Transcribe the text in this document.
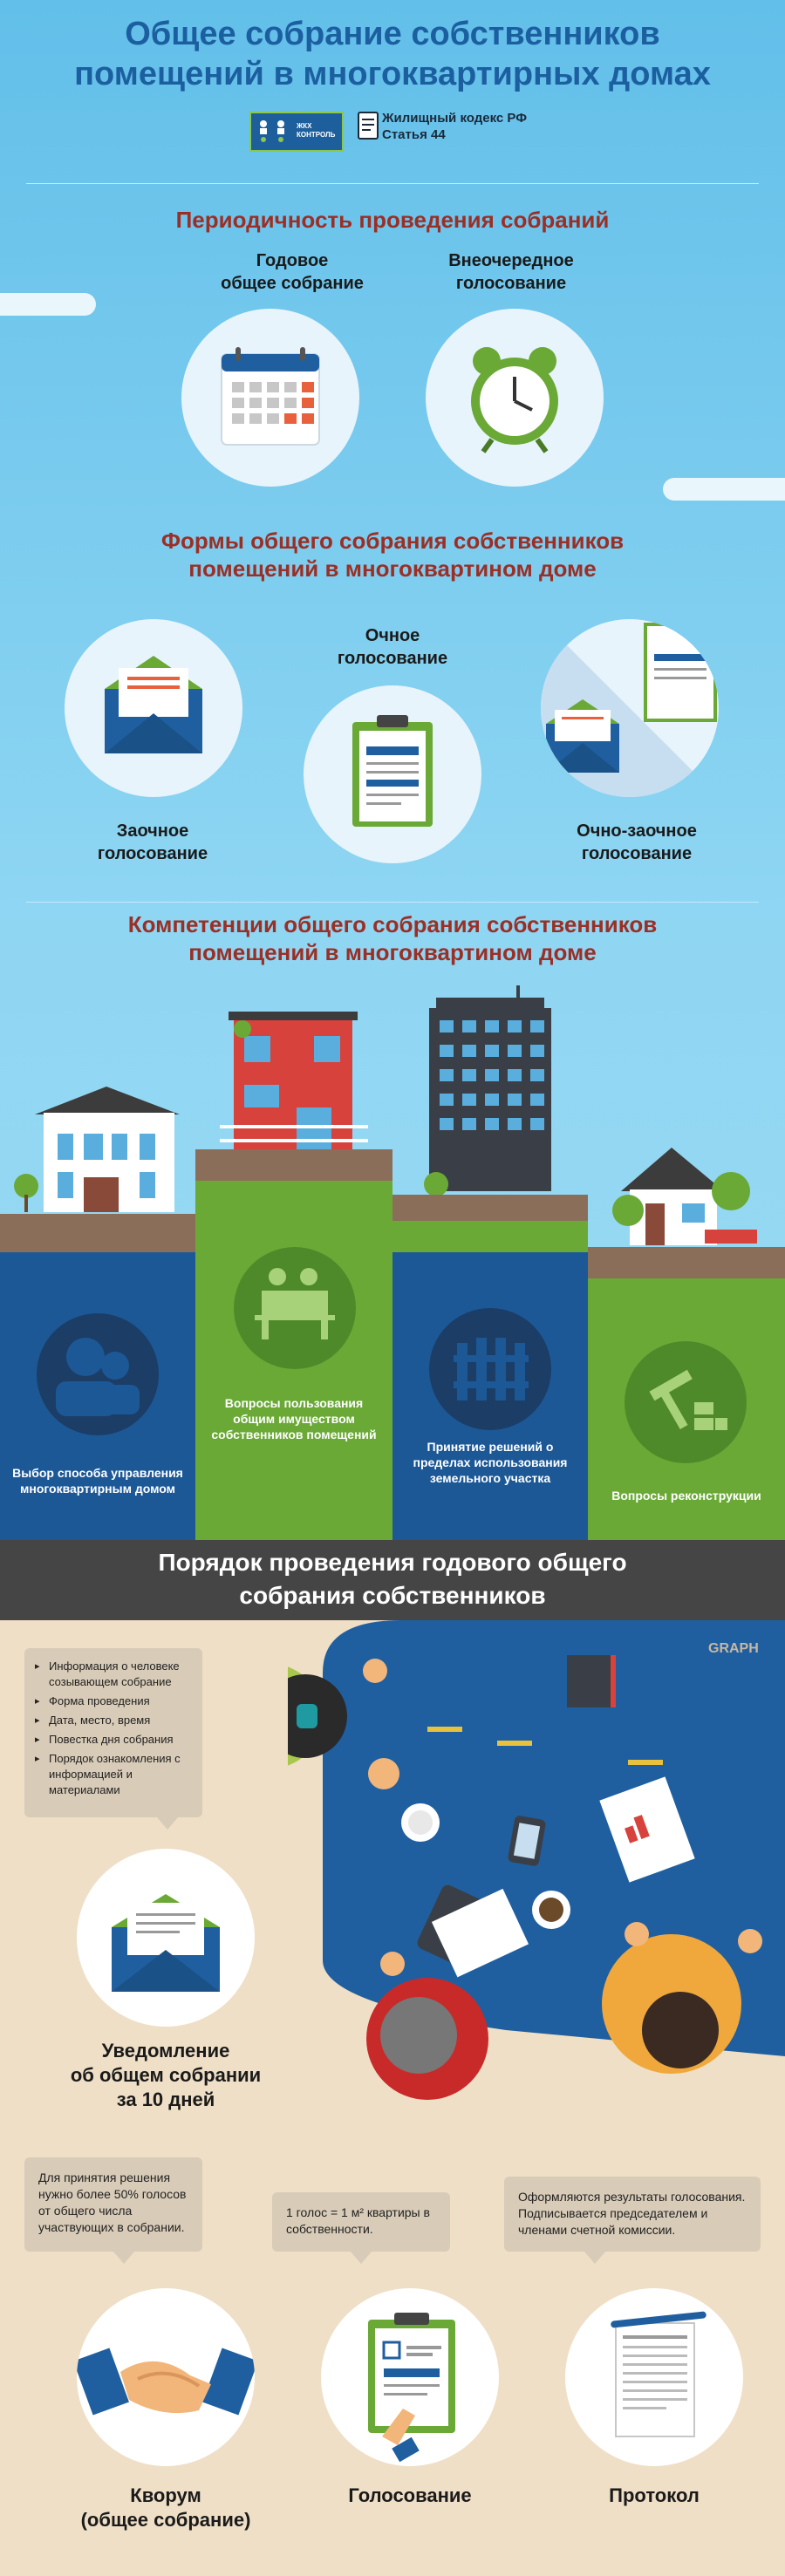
Общее собрание собственников
помещений в многоквартирных домах
ЖКХ
КОНТРОЛЬ
Жилищный кодекс РФ
Статья 44
Периодичность проведения собраний
Годовое
общее собрание
Внеочередное
голосование
Формы общего собрания собственников
помещений в многоквартином доме
Очное
голосование
Заочное
голосование
Очно-заочное
голосование
Компетенции общего собрания собственников
помещений в многоквартином доме
Выбор способа управления многоквартирным домом
Вопросы пользования общим имуществом собственников помещений
Принятие решений о пределах использования земельного участка
Вопросы реконструкции
Порядок проведения годового общего
собрания собственников
GRAPH
▸ Информация о человеке созывающем собрание
▸ Форма проведения
▸ Дата, место, время
▸ Повестка дня собрания
▸ Порядок ознакомления с информацией и материалами
Уведомление
об общем собрании
за 10 дней
Для принятия решения нужно более 50% голосов от общего числа участвующих в собрании.
1 голос = 1 м² квартиры в собственности.
Оформляются результаты голосования. Подписывается председателем и членами счетной комиссии.
Кворум
(общее собрание)
Голосование	Протокол
